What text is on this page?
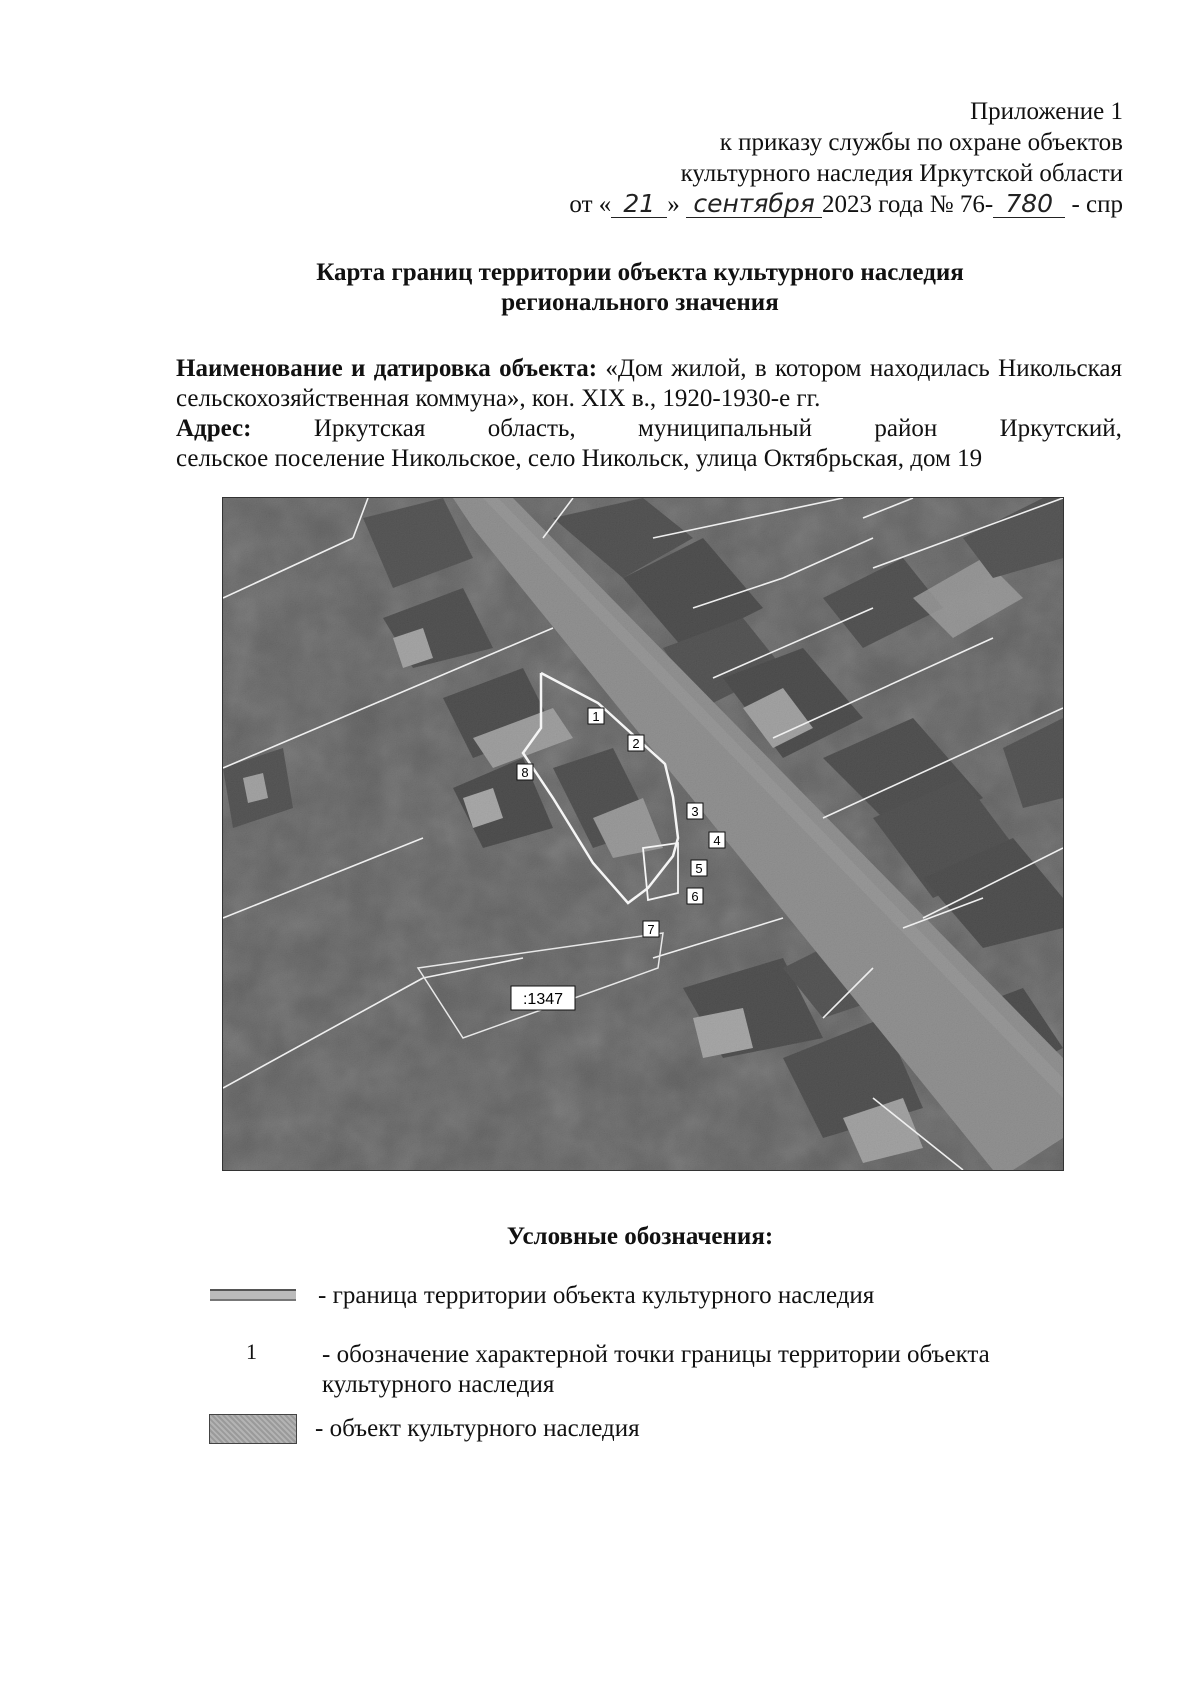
Приложение 1
к приказу службы по охране объектов
культурного наследия Иркутской области
от « 21 » сентября 2023 года № 76- 780 - спр
Карта границ территории объекта культурного наследия
регионального значения
Наименование и датировка объекта: «Дом жилой, в котором находилась Никольская сельскохозяйственная коммуна», кон. XIX в., 1920-1930-е гг.
Адрес: Иркутская область, муниципальный район Иркутский,
сельское поселение Никольское, село Никольск, улица Октябрьская, дом 19
1
2
3
4
5
6
7
8
:1347
Условные обозначения:
- граница территории объекта культурного наследия
1	- обозначение характерной точки границы территории объекта культурного наследия
- объект культурного наследия
